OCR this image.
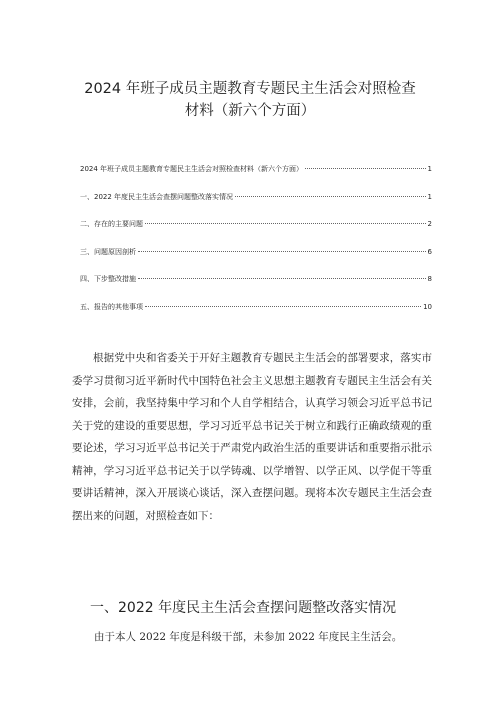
2024 年班子成员主题教育专题民主生活会对照检查
材料（新六个方面）
2024 年班子成员主题教育专题民主生活会对照检查材料（新六个方面）	1
一、2022 年度民主生活会查摆问题整改落实情况	1
二、存在的主要问题	2
三、问题原因剖析	6
四、下步整改措施	8
五、报告的其他事项	10

根据党中央和省委关于开好主题教育专题民主生活会的部署要求，落实市委学习贯彻习近平新时代中国特色社会主义思想主题教育专题民主生活会有关安排，会前，我坚持集中学习和个人自学相结合，认真学习领会习近平总书记关于党的建设的重要思想，学习习近平总书记关于树立和践行正确政绩观的重要论述，学习习近平总书记关于严肃党内政治生活的重要讲话和重要指示批示精神，学习习近平总书记关于以学铸魂、以学增智、以学正风、以学促干等重要讲话精神，深入开展谈心谈话，深入查摆问题。现将本次专题民主生活会查摆出来的问题，对照检查如下：

一、2022 年度民主生活会查摆问题整改落实情况

由于本人 2022 年度是科级干部，未参加 2022 年度民主生活会。
